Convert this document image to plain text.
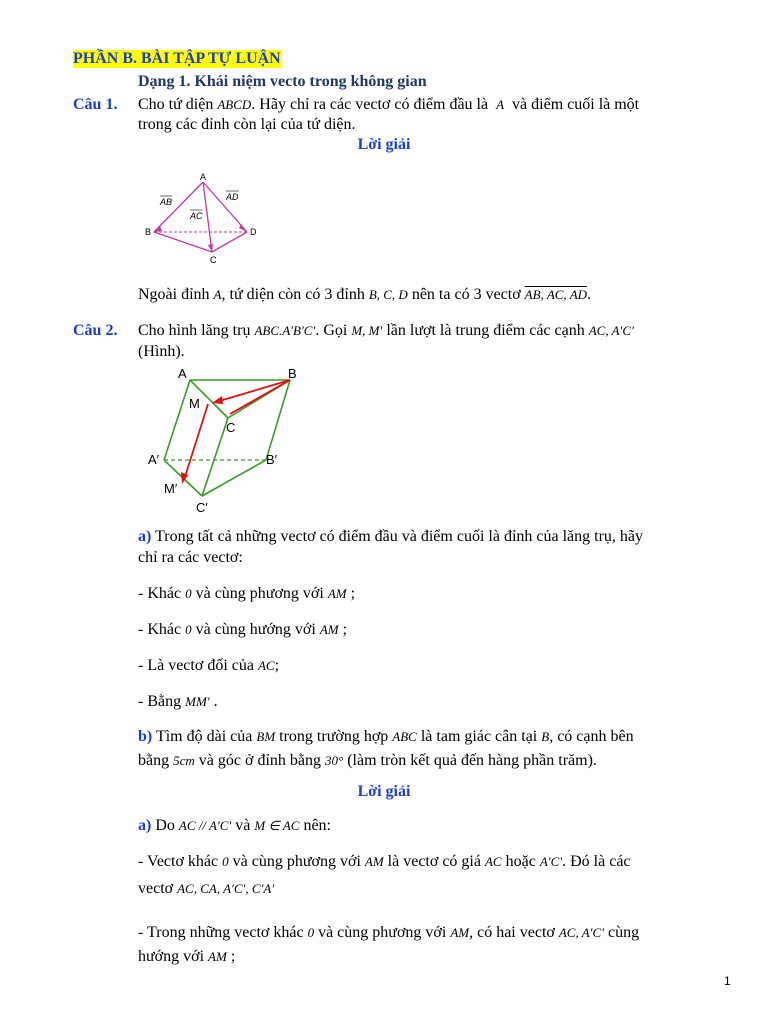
PHẦN B. BÀI TẬP TỰ LUẬN
Dạng 1. Khái niệm vecto trong không gian
Câu 1. Cho tứ diện ABCD. Hãy chỉ ra các vectơ có điểm đầu là A và điểm cuối là một
trong các đỉnh còn lại của tứ diện.
Lời giải
A
B
C
D
AB
AC
AD
Ngoài đỉnh A, tứ diện còn có 3 đỉnh B, C, D nên ta có 3 vectơ AB, AC, AD.
Câu 2. Cho hình lăng trụ ABC.A′B′C′. Gọi M, M′ lần lượt là trung điểm các cạnh AC, A′C′
(Hình).
A	B
M
C
A′	B′
M′
C′
a) Trong tất cả những vectơ có điểm đầu và điểm cuối là đỉnh của lăng trụ, hãy
chỉ ra các vectơ:
- Khác 0 và cùng phương với AM ;
- Khác 0 và cùng hướng với AM ;
- Là vectơ đối của AC;
- Bằng MM′ .
b) Tìm độ dài của BM trong trường hợp ABC là tam giác cân tại B, có cạnh bên
bằng 5cm và góc ở đỉnh bằng 30° (làm tròn kết quả đến hàng phần trăm).
Lời giải
a) Do AC // A′C′ và M ∈ AC nên:
- Vectơ khác 0 và cùng phương với AM là vectơ có giá AC hoặc A′C′. Đó là các
vectơ AC, CA, A′C′, C′A′
- Trong những vectơ khác 0 và cùng phương với AM, có hai vectơ AC, A′C′ cùng
hướng với AM ;
1
